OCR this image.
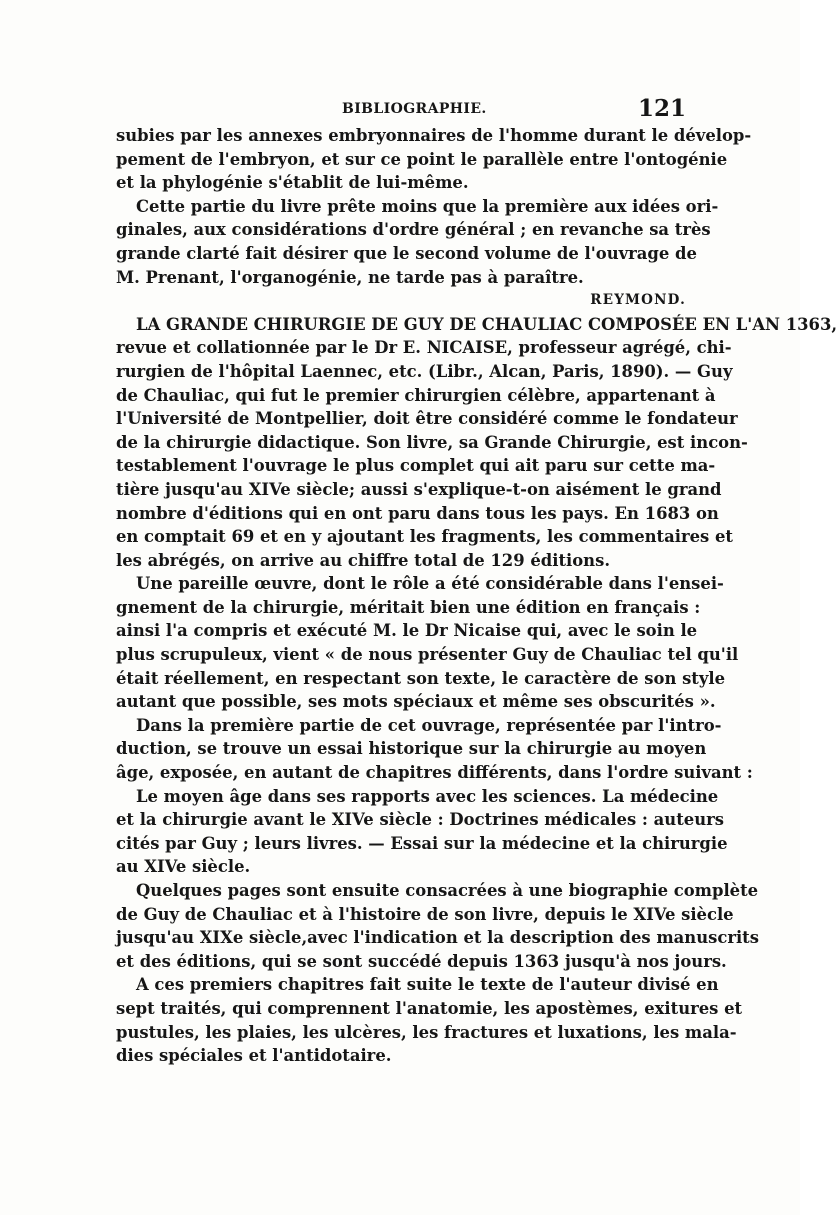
BIBLIOGRAPHIE.	121
subies par les annexes embryonnaires de l'homme durant le dévelop-
pement de l'embryon, et sur ce point le parallèle entre l'ontogénie
et la phylogénie s'établit de lui-même.
Cette partie du livre prête moins que la première aux idées ori-
ginales, aux considérations d'ordre général ; en revanche sa très
grande clarté fait désirer que le second volume de l'ouvrage de
M. Prenant, l'organogénie, ne tarde pas à paraître.
REYMOND.
LA GRANDE CHIRURGIE DE GUY DE CHAULIAC COMPOSÉE EN L'AN 1363,
revue et collationnée par le Dr E. NICAISE, professeur agrégé, chi-
rurgien de l'hôpital Laennec, etc. (Libr., Alcan, Paris, 1890). — Guy
de Chauliac, qui fut le premier chirurgien célèbre, appartenant à
l'Université de Montpellier, doit être considéré comme le fondateur
de la chirurgie didactique. Son livre, sa Grande Chirurgie, est incon-
testablement l'ouvrage le plus complet qui ait paru sur cette ma-
tière jusqu'au XIVe siècle; aussi s'explique-t-on aisément le grand
nombre d'éditions qui en ont paru dans tous les pays. En 1683 on
en comptait 69 et en y ajoutant les fragments, les commentaires et
les abrégés, on arrive au chiffre total de 129 éditions.
Une pareille œuvre, dont le rôle a été considérable dans l'ensei-
gnement de la chirurgie, méritait bien une édition en français :
ainsi l'a compris et exécuté M. le Dr Nicaise qui, avec le soin le
plus scrupuleux, vient « de nous présenter Guy de Chauliac tel qu'il
était réellement, en respectant son texte, le caractère de son style
autant que possible, ses mots spéciaux et même ses obscurités ».
Dans la première partie de cet ouvrage, représentée par l'intro-
duction, se trouve un essai historique sur la chirurgie au moyen
âge, exposée, en autant de chapitres différents, dans l'ordre suivant :
Le moyen âge dans ses rapports avec les sciences. La médecine
et la chirurgie avant le XIVe siècle : Doctrines médicales : auteurs
cités par Guy ; leurs livres. — Essai sur la médecine et la chirurgie
au XIVe siècle.
Quelques pages sont ensuite consacrées à une biographie complète
de Guy de Chauliac et à l'histoire de son livre, depuis le XIVe siècle
jusqu'au XIXe siècle,avec l'indication et la description des manuscrits
et des éditions, qui se sont succédé depuis 1363 jusqu'à nos jours.
A ces premiers chapitres fait suite le texte de l'auteur divisé en
sept traités, qui comprennent l'anatomie, les apostèmes, exitures et
pustules, les plaies, les ulcères, les fractures et luxations, les mala-
dies spéciales et l'antidotaire.
